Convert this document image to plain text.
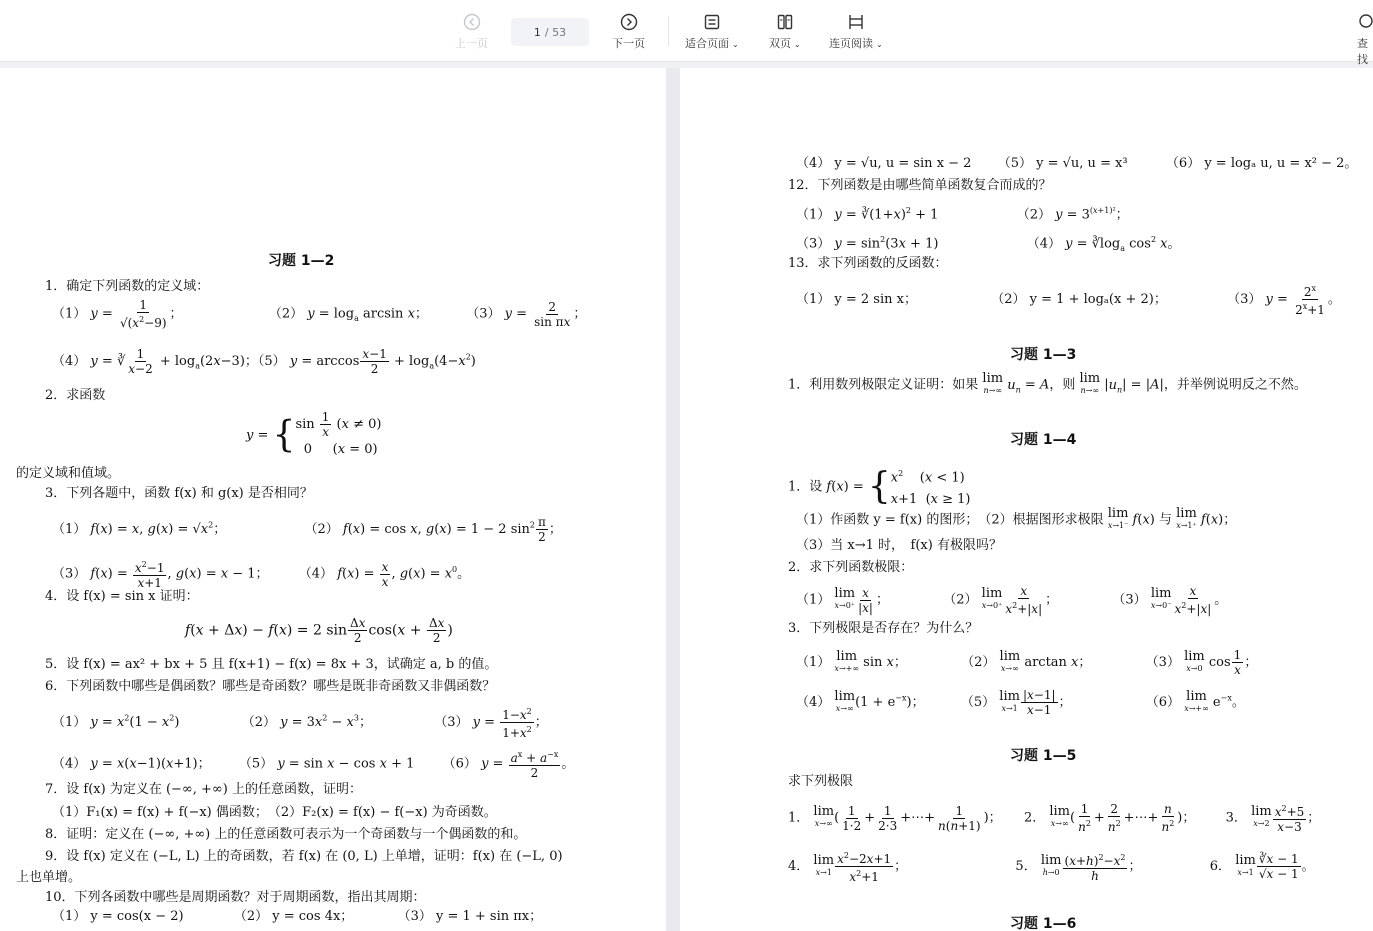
上一页
1 / 53
下一页	适合页面 ⌄	双页 ⌄	连页阅读 ⌄	查找
习题 1—2
1．确定下列函数的定义域：
（1） $y = \frac{1}{√(x^2-9)}$ ；	（2） $y = \log_a \arcsin x$；	（3） $y = \frac{2}{\text{sin πx}}$ ；
（4） y = ∛ $\frac{1}{x-2} + \log_a(2x-3)$；（5） $y = \arccos \frac{x-1}{2} + \log_a(4-x^2)$
2．求函数
y = { $\sin \frac{1}{x} (x \ne 0)$
0     (x = 0)
的定义域和值域。
3．下列各题中，函数 f(x) 和 g(x) 是否相同？
（1） f(x) = x, $g(x) = √x^2$；	（2） f(x) = cos x, g(x) = 1 − 2 $\sin^2 \frac{\pi}{2}$ ；
（3） $f(x) = \frac{x^2-1}{x+1}$ , g(x) = x − 1；  （4） $f(x) = \frac{x}{x}$ , $g(x) = x^0$。
4．设 f(x) = sin x 证明：
f(x + Δx) − f(x) = 2 $\sin \frac{\Delta x}{2} \cos(x + \frac{\Delta x}{2}$ )
5．设 f(x) = ax² + bx + 5 且 f(x+1) − f(x) = 8x + 3，试确定 a, b 的值。
6．下列函数中哪些是偶函数？哪些是奇函数？哪些是既非奇函数又非偶函数？
（1） $y = x^2(1 - x^2)$	（2） $y = 3x^2 - x^3$；	（3） $y = \frac{1-x^2}{1+x^2}$ ；
（4） y = x(x−1)(x+1)；  （5） y = sin x − cos x + 1  （6） $y = \frac{a^x + a^{-x}}{2}$ 。
7．设 f(x) 为定义在 (−∞, +∞) 上的任意函数，证明：
（1）F₁(x) = f(x) + f(−x) 偶函数；　（2）F₂(x) = f(x) − f(−x) 为奇函数。
8．证明：定义在 (−∞, +∞) 上的任意函数可表示为一个奇函数与一个偶函数的和。
9．设 f(x) 定义在 (−L, L) 上的奇函数，若 f(x) 在 (0, L) 上单增，证明：f(x) 在 (−L, 0)
上也单增。
10．下列各函数中哪些是周期函数？对于周期函数，指出其周期：
（1） y = cos(x − 2)	（2） y = cos 4x；	（3） y = 1 + sin πx；
（4） y = √u, u = sin x − 2 （5） y = √u, u = x³	（6） y = logₐ u, u = x² − 2。
12．下列函数是由哪些简单函数复合而成的？
（1） $y = ∛(1+x)^2 + 1$	（2） $y = 3^{(x+1)^2}$；
（3） $y = \sin^2(3x + 1)$	（4） $y = ∛\log_a$ $\cos^2 x$。
13．求下列函数的反函数：
（1） y = 2 sin x；	（2） y = 1 + logₐ(x + 2)；	（3） $y = \frac{2^x}{2^x+1}$ 。
习题 1—3
1．利用数列极限定义证明：如果 lim
n→∞ $u_n = A$，则 lim
n→∞ $|u_n| = |A|$，并举例说明反之不然。
习题 1—4
1．设 f(x) = { $x^2$    (x < 1)
x+1  (x ≥ 1)
（1）作函数 y = f(x) 的图形；　（2）根据图形求极限 lim
x→1⁻ f(x) 与 lim
x→1⁺ f(x)；
（3）当 x→1 时，　f(x) 有极限吗？
2．求下列函数极限：
（1） lim
$x\to 0^+ \frac{x}{|x|}$ ；	（2） lim
$x\to 0^+ \frac{x}{x^2+|x|}$ ；	（3） lim
$x\to 0^- \frac{x}{x^2+|x|}$ 。
3．下列极限是否存在？为什么？
（1） lim
x→+∞ sin x；	（2） lim
x→∞ arctan x；	（3） lim
x→0 $\cos \frac{1}{x}$ ；
（4） lim
x→∞ $(1 + e^{-x})$；  （5） lim
$x\to 1 \frac{|x-1|}{x-1}$ ；	（6） lim
x→+∞ $e^{-x}$。
习题 1—5
求下列极限
1． lim
x→∞ ( $\frac{1}{1\cdot 2} + \frac{1}{2\cdot 3}$ +⋯+ $\frac{1}{n(n+1)}$ )；  2． lim
x→∞ ( $\frac{1}{n^2} + \frac{2}{n^2}$ +⋯+ $\frac{n}{n^2}$ )；  3． lim
$x\to 2 \frac{x^2+5}{x-3}$ ；
4． lim
$x\to 1 \frac{x^2-2x+1}{x^2+1}$ ；	5． lim
$h\to 0 \frac{(x+h)^2-x^2}{h}$ ；	6． lim
$x\to 1 \frac{∛x - 1}{√x - 1}$ 。
习题 1—6
